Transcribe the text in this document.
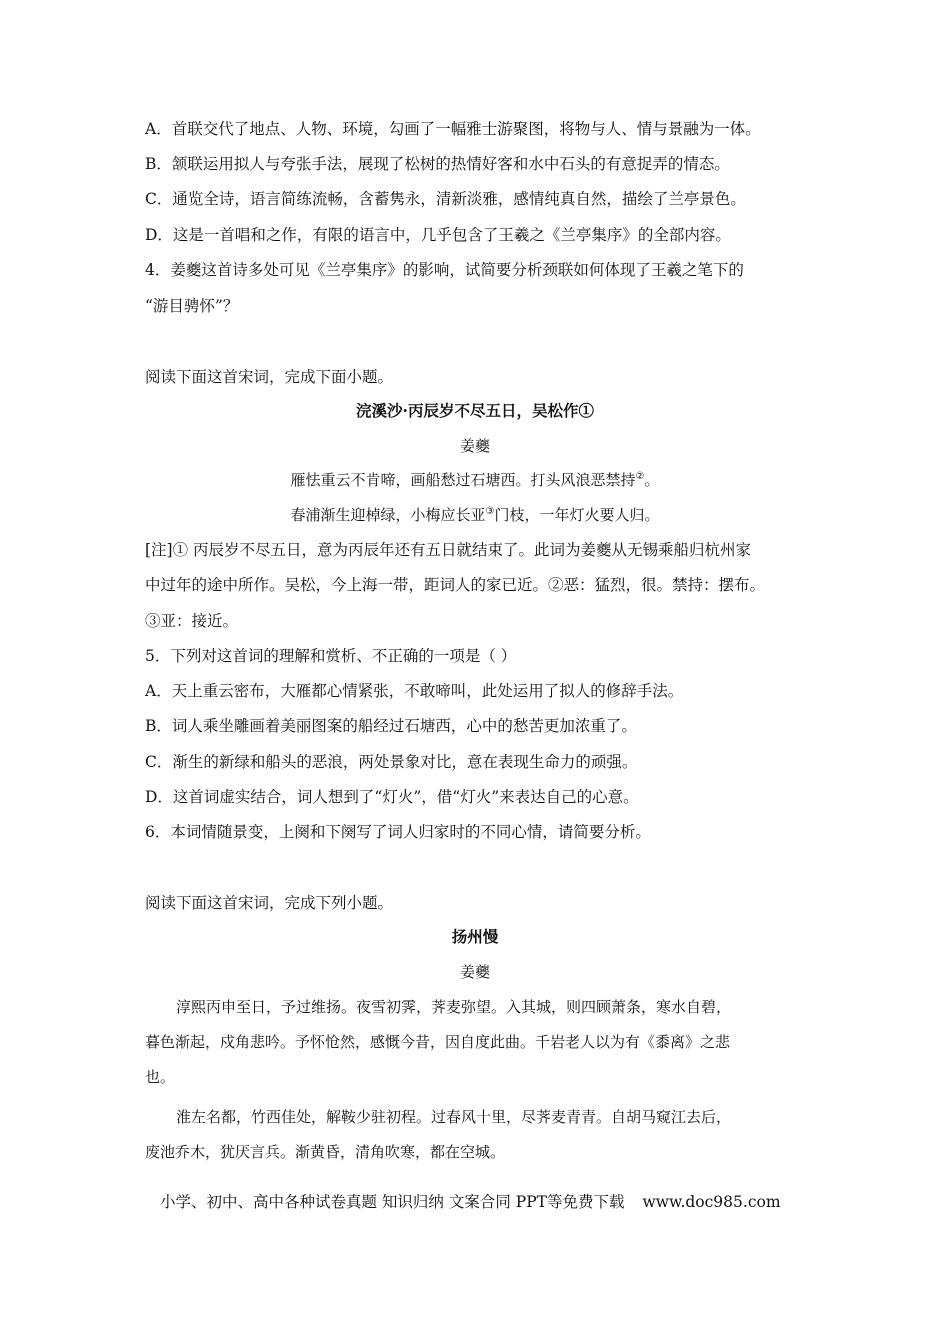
A．首联交代了地点、人物、环境，勾画了一幅雅士游聚图，将物与人、情与景融为一体。
B．颔联运用拟人与夸张手法，展现了松树的热情好客和水中石头的有意捉弄的情态。
C．通览全诗，语言简练流畅，含蓄隽永，清新淡雅，感情纯真自然，描绘了兰亭景色。
D．这是一首唱和之作，有限的语言中，几乎包含了王羲之《兰亭集序》的全部内容。
4．姜夔这首诗多处可见《兰亭集序》的影响，试简要分析颈联如何体现了王羲之笔下的
“游目骋怀”？
阅读下面这首宋词，完成下面小题。
浣溪沙·丙辰岁不尽五日，吴松作①
姜夔
雁怯重云不肯啼，画船愁过石塘西。打头风浪恶禁持②。
春浦渐生迎棹绿，小梅应长亚③门枝，一年灯火要人归。
[注]① 丙辰岁不尽五日，意为丙辰年还有五日就结束了。此词为姜夔从无锡乘船归杭州家
中过年的途中所作。吴松，今上海一带，距词人的家已近。②恶：猛烈，很。禁持：摆布。
③亚：接近。
5．下列对这首词的理解和赏析、不正确的一项是（ ）
A．天上重云密布，大雁都心情紧张，不敢啼叫，此处运用了拟人的修辞手法。
B．词人乘坐雕画着美丽图案的船经过石塘西，心中的愁苦更加浓重了。
C．渐生的新绿和船头的恶浪，两处景象对比，意在表现生命力的顽强。
D．这首词虚实结合，词人想到了“灯火”，借“灯火”来表达自己的心意。
6．本词情随景变，上阕和下阕写了词人归家时的不同心情，请简要分析。
阅读下面这首宋词，完成下列小题。
扬州慢
姜夔
淳熙丙申至日，予过维扬。夜雪初霁，荠麦弥望。入其城，则四顾萧条，寒水自碧，
暮色渐起，戍角悲吟。予怀怆然，感慨今昔，因自度此曲。千岩老人以为有《黍离》之悲
也。
淮左名都，竹西佳处，解鞍少驻初程。过春风十里，尽荠麦青青。自胡马窥江去后，
废池乔木，犹厌言兵。渐黄昏，清角吹寒，都在空城。
小学、初中、高中各种试卷真题 知识归纳 文案合同 PPT等免费下载 www.doc985.com
